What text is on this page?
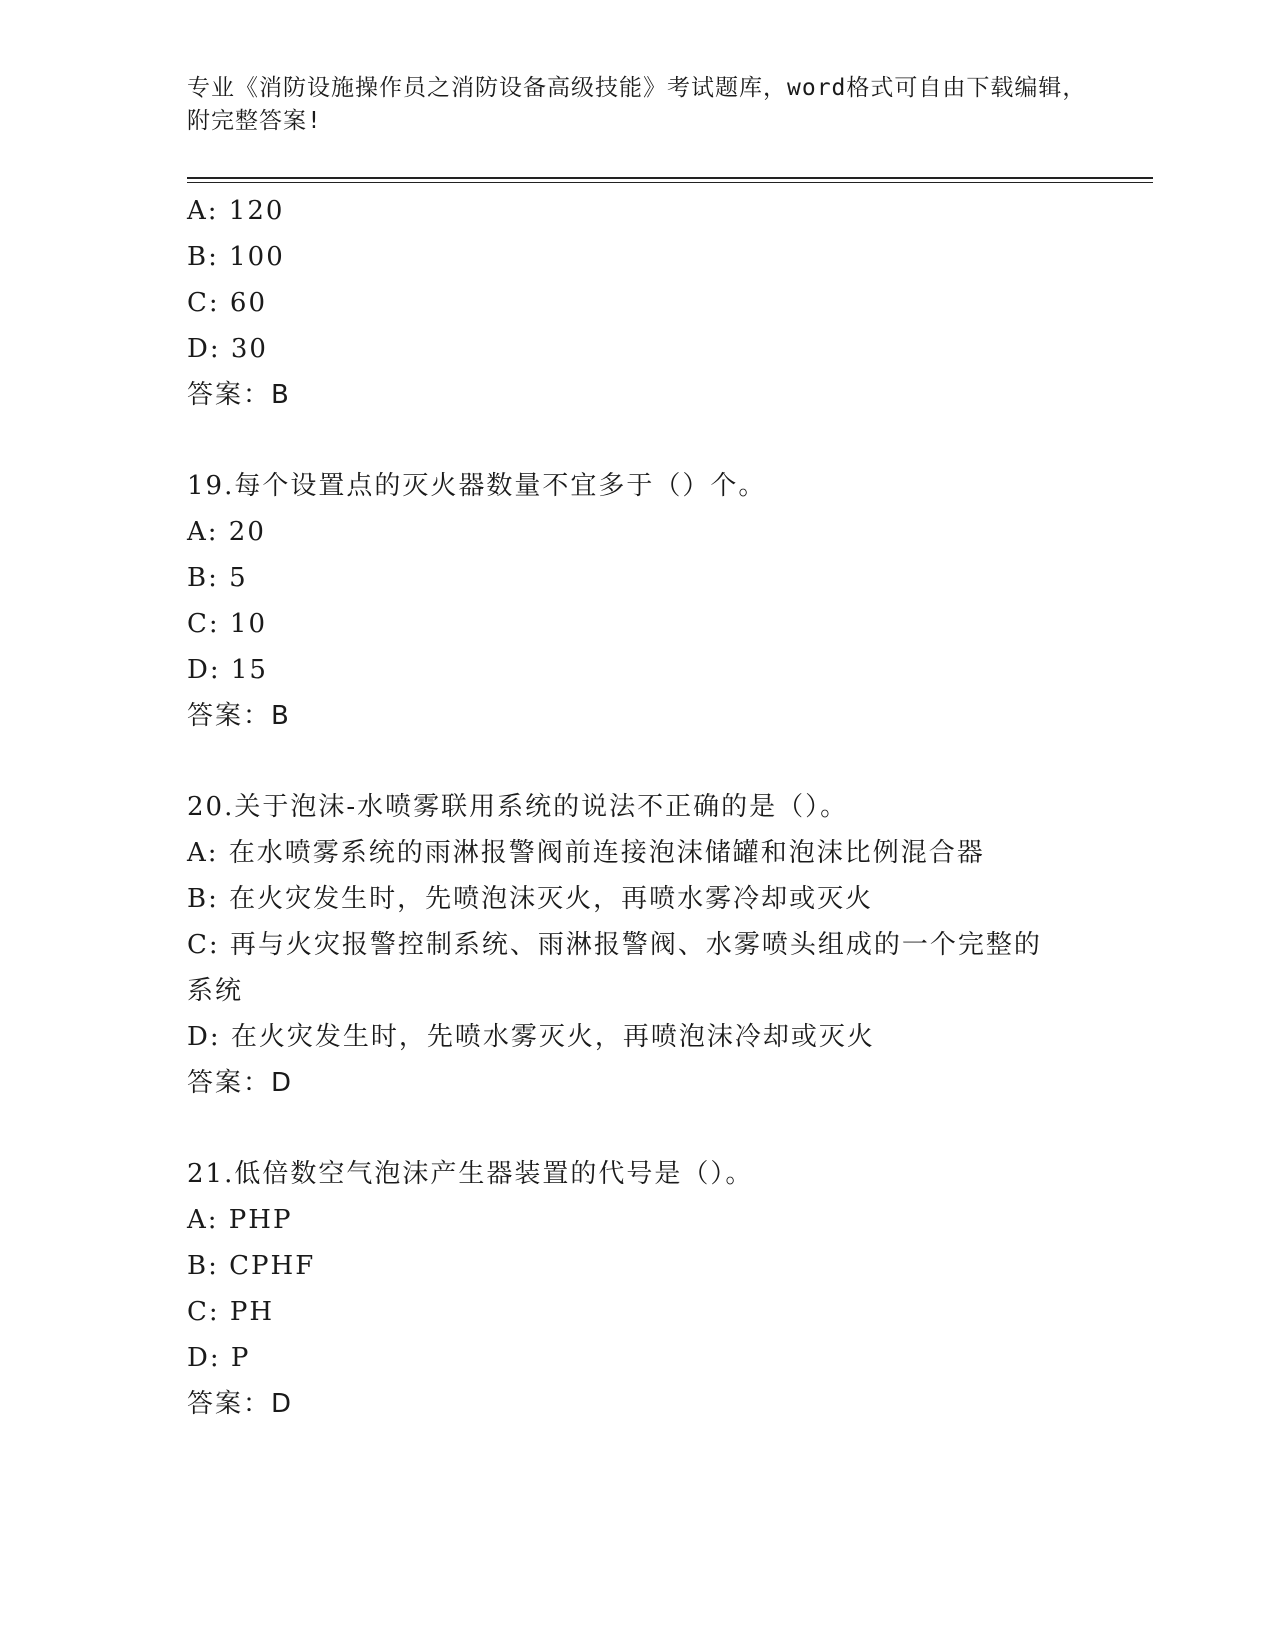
专业《消防设施操作员之消防设备高级技能》考试题库，word格式可自由下载编辑，附完整答案!
A: 120
B: 100
C: 60
D: 30
答案：B
19.每个设置点的灭火器数量不宜多于（）个。
A: 20
B: 5
C: 10
D: 15
答案：B
20.关于泡沫-水喷雾联用系统的说法不正确的是（）。
A: 在水喷雾系统的雨淋报警阀前连接泡沫储罐和泡沫比例混合器
B: 在火灾发生时，先喷泡沫灭火，再喷水雾冷却或灭火
C: 再与火灾报警控制系统、雨淋报警阀、水雾喷头组成的一个完整的系统
D: 在火灾发生时，先喷水雾灭火，再喷泡沫冷却或灭火
答案：D
21.低倍数空气泡沫产生器装置的代号是（）。
A: PHP
B: CPHF
C: PH
D: P
答案：D
